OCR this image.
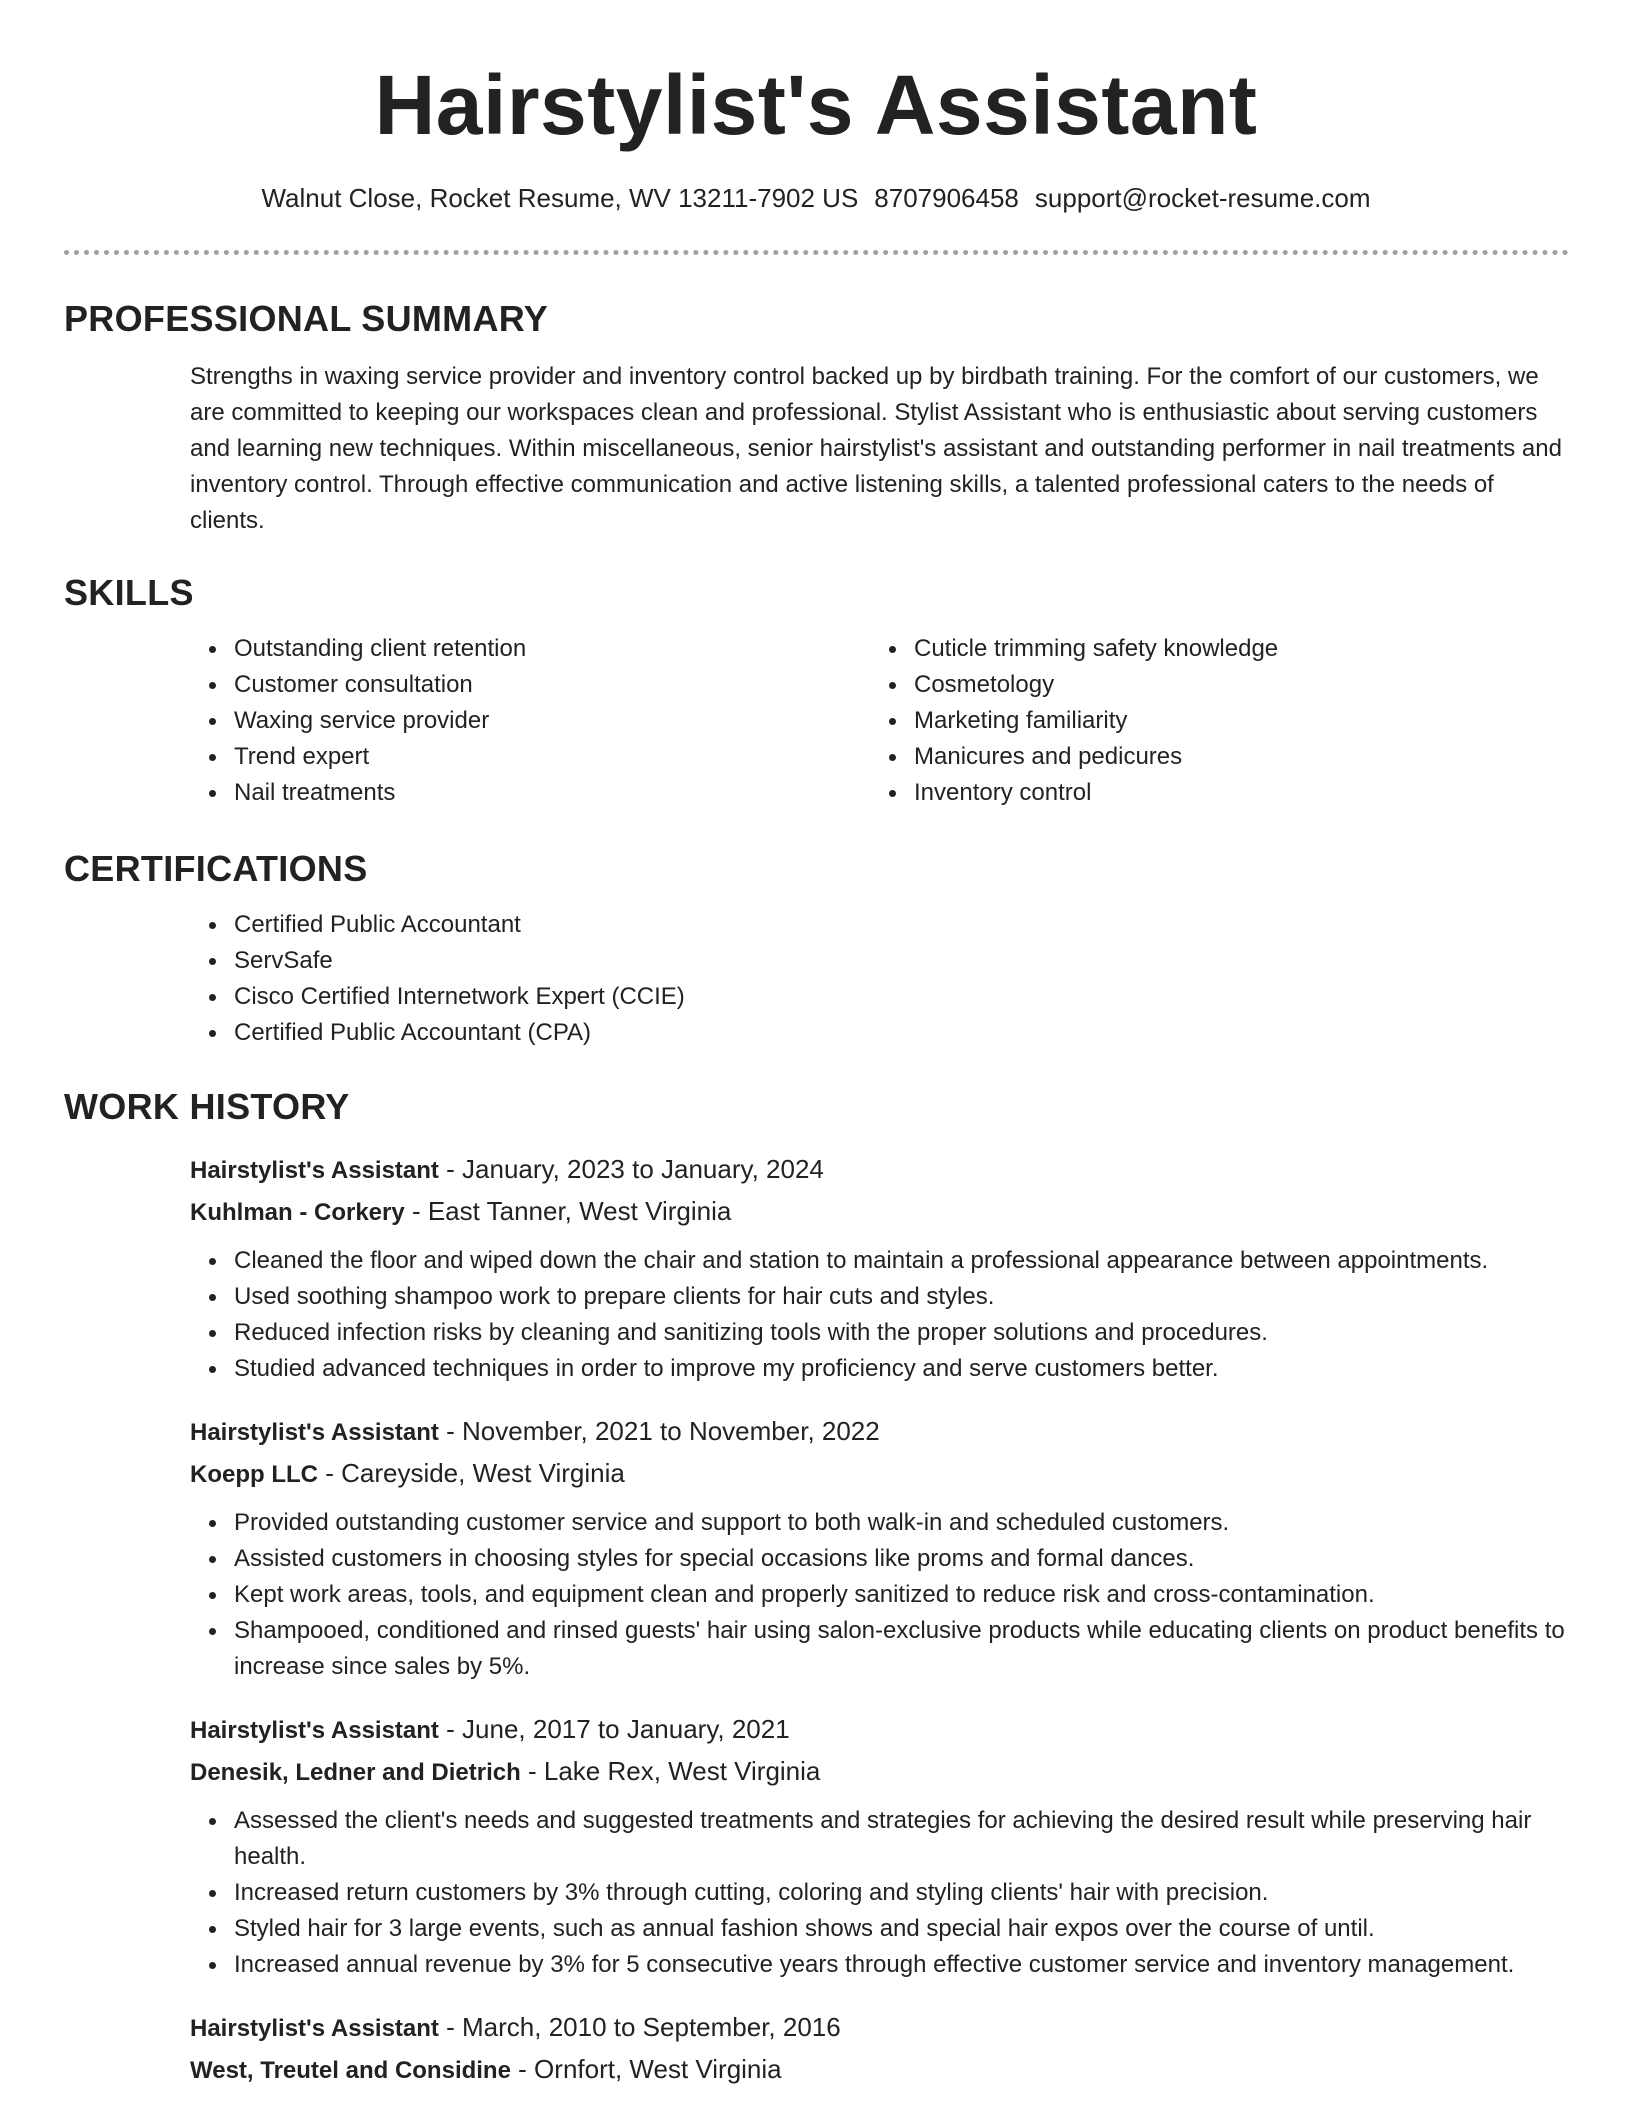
Hairstylist's Assistant
Walnut Close, Rocket Resume, WV 13211-7902 US 8707906458 support@rocket-resume.com
PROFESSIONAL SUMMARY

Strengths in waxing service provider and inventory control backed up by birdbath training. For the comfort of our customers, we are committed to keeping our workspaces clean and professional. Stylist Assistant who is enthusiastic about serving customers and learning new techniques. Within miscellaneous, senior hairstylist's assistant and outstanding performer in nail treatments and inventory control. Through effective communication and active listening skills, a talented professional caters to the needs of clients.

SKILLS
Outstanding client retention
Customer consultation
Waxing service provider
Trend expert
Nail treatments
Cuticle trimming safety knowledge
Cosmetology
Marketing familiarity
Manicures and pedicures
Inventory control
CERTIFICATIONS
Certified Public Accountant
ServSafe
Cisco Certified Internetwork Expert (CCIE)
Certified Public Accountant (CPA)
WORK HISTORY

Hairstylist's Assistant - January, 2023 to January, 2024

Kuhlman - Corkery - East Tanner, West Virginia

Cleaned the floor and wiped down the chair and station to maintain a professional appearance between appointments.
Used soothing shampoo work to prepare clients for hair cuts and styles.
Reduced infection risks by cleaning and sanitizing tools with the proper solutions and procedures.
Studied advanced techniques in order to improve my proficiency and serve customers better.

Hairstylist's Assistant - November, 2021 to November, 2022

Koepp LLC - Careyside, West Virginia

Provided outstanding customer service and support to both walk-in and scheduled customers.
Assisted customers in choosing styles for special occasions like proms and formal dances.
Kept work areas, tools, and equipment clean and properly sanitized to reduce risk and cross-contamination.
Shampooed, conditioned and rinsed guests' hair using salon-exclusive products while educating clients on product benefits to increase since sales by 5%.

Hairstylist's Assistant - June, 2017 to January, 2021

Denesik, Ledner and Dietrich - Lake Rex, West Virginia

Assessed the client's needs and suggested treatments and strategies for achieving the desired result while preserving hair health.
Increased return customers by 3% through cutting, coloring and styling clients' hair with precision.
Styled hair for 3 large events, such as annual fashion shows and special hair expos over the course of until.
Increased annual revenue by 3% for 5 consecutive years through effective customer service and inventory management.

Hairstylist's Assistant - March, 2010 to September, 2016

West, Treutel and Considine - Ornfort, West Virginia
